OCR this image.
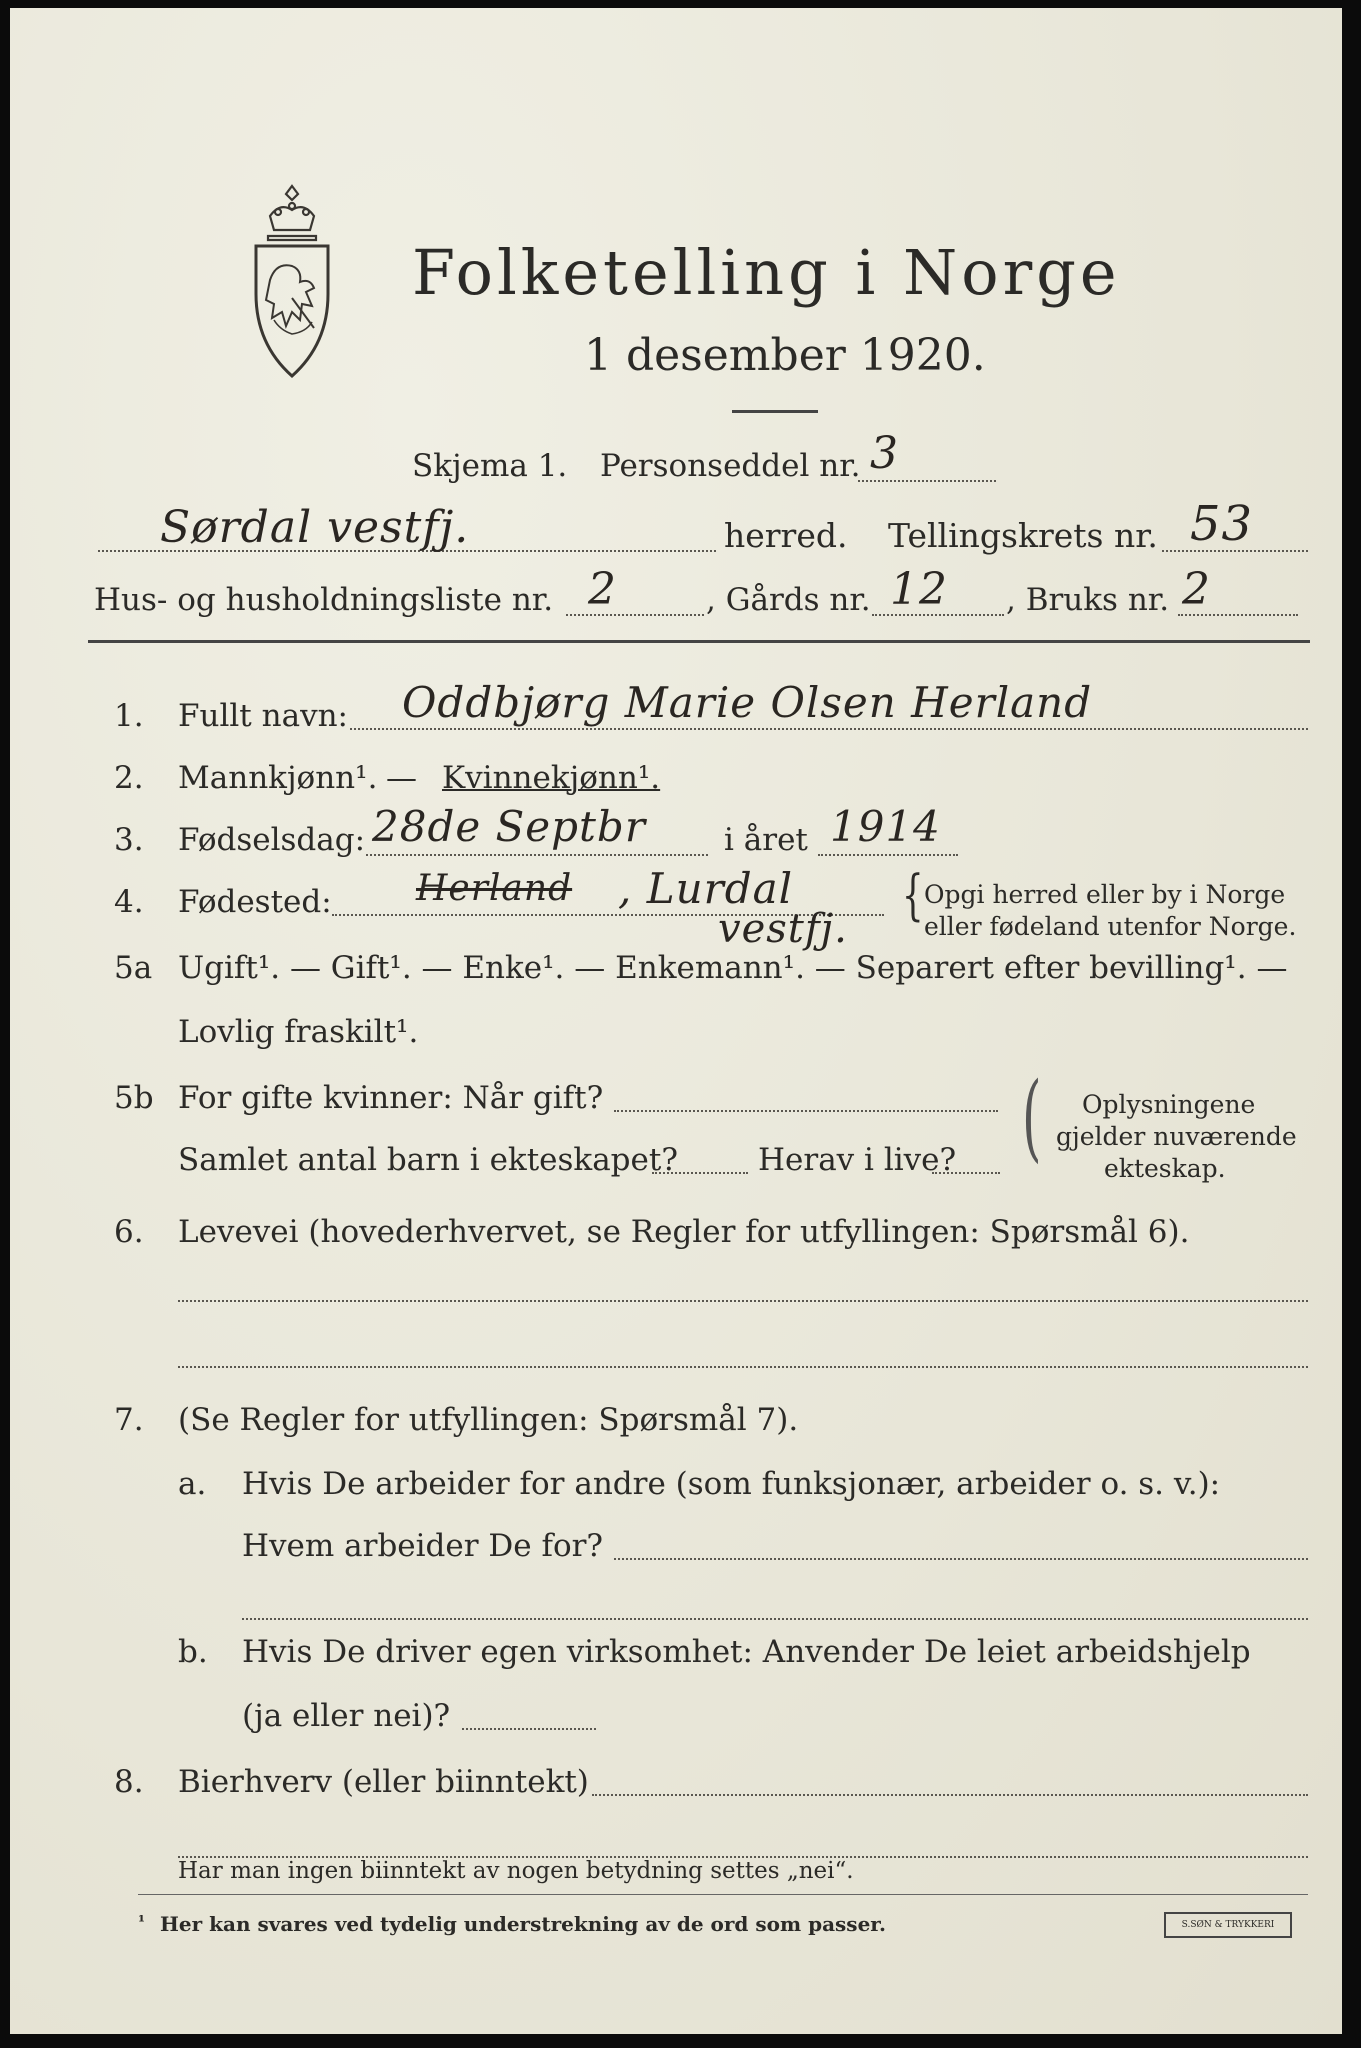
Folketelling i Norge
1 desember 1920.
Skjema 1. Personseddel nr. 3
Sørdal vestfj.	herred. Tellingskrets nr. 53
Hus- og husholdningsliste nr. 2	, Gårds nr. 12 , Bruks nr. 2
1. Fullt navn: Oddbjørg Marie Olsen Herland
2. Mannkjønn¹. — Kvinnekjønn¹.
3. Fødselsdag: 28de Septbr	i året 1914
4. Fødested: Herland , Lurdal
vestfj.
{ Opgi herred eller by i Norge
eller fødeland utenfor Norge.
5a Ugift¹. — Gift¹. — Enke¹. — Enkemann¹. — Separert efter bevilling¹. —
Lovlig fraskilt¹.
5b For gifte kvinner: Når gift?
Samlet antal barn i ekteskapet?	Herav i live? ( Oplysningene
gjelder nuværende
ekteskap.
6. Levevei (hovederhvervet, se Regler for utfyllingen: Spørsmål 6).
7. (Se Regler for utfyllingen: Spørsmål 7).
a. Hvis De arbeider for andre (som funksjonær, arbeider o. s. v.):
Hvem arbeider De for?
b. Hvis De driver egen virksomhet: Anvender De leiet arbeidshjelp
(ja eller nei)?
8. Bierhverv (eller biinntekt)
Har man ingen biinntekt av nogen betydning settes „nei“.
¹ Her kan svares ved tydelig understrekning av de ord som passer.	S.SØN & TRYKKERI
